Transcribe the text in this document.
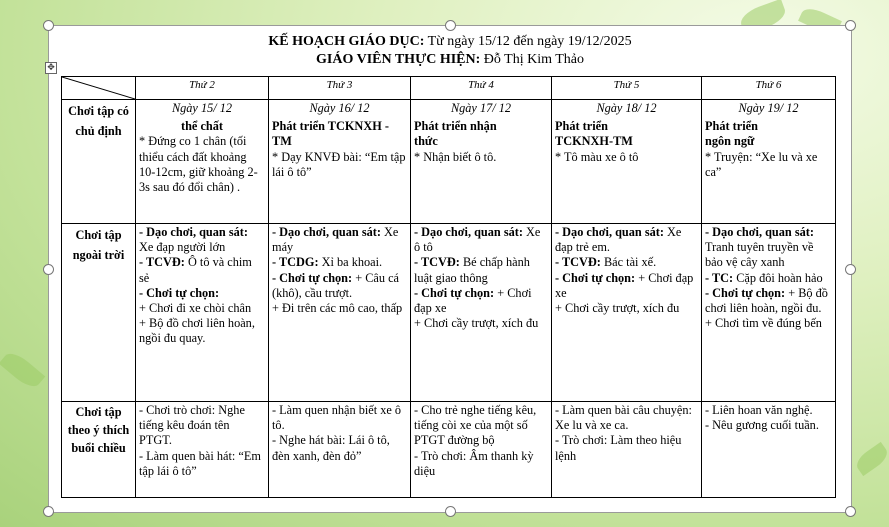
KẾ HOẠCH GIÁO DỤC: Từ ngày 15/12 đến ngày 19/12/2025
GIÁO VIÊN THỰC HIỆN: Đỗ Thị Kim Thảo
✥
	Thứ 2	Thứ 3	Thứ 4	Thứ 5	Thứ 6
Chơi tập có chủ định	Ngày 15/ 12
thể chất
* Đứng co 1 chân (tối thiểu cách đất khoảng 10-12cm, giữ khoảng 2-3s sau đó đổi chân) .	Ngày 16/ 12
Phát triển TCKNXH - TM
* Dạy KNVĐ bài: “Em tập lái ô tô”	Ngày 17/ 12
Phát triển nhận thức
* Nhận biết ô tô.	Ngày 18/ 12
Phát triển TCKNXH-TM
* Tô màu xe ô tô	Ngày 19/ 12
Phát triển ngôn ngữ
* Truyện: “Xe lu và xe ca”

Chơi tập ngoài trời	- Dạo chơi, quan sát: Xe đạp người lớn
- TCVĐ: Ô tô và chim sẻ
- Chơi tự chọn:
+ Chơi đi xe chòi chân
+ Bộ đồ chơi liên hoàn, ngồi đu quay.	- Dạo chơi, quan sát: Xe máy
- TCDG: Xỉ ba khoai.
- Chơi tự chọn: + Câu cá (khô), cầu trượt.
+ Đi trên các mô cao, thấp	- Dạo chơi, quan sát: Xe ô tô
- TCVĐ: Bé chấp hành luật giao thông
- Chơi tự chọn: + Chơi đạp xe
+ Chơi cầy trượt, xích đu	- Dạo chơi, quan sát: Xe đạp trẻ em.
- TCVĐ: Bác tài xế.
- Chơi tự chọn: + Chơi đạp xe
+ Chơi cầy trượt, xích đu	- Dạo chơi, quan sát: Tranh tuyên truyền về bảo vệ cây xanh
- TC: Cặp đôi hoàn hảo
- Chơi tự chọn: + Bộ đồ chơi liên hoàn, ngồi đu.
+ Chơi tìm về đúng bến

Chơi tập theo ý thích buổi chiều	- Chơi trò chơi: Nghe tiếng kêu đoán tên PTGT.
- Làm quen bài hát: “Em tập lái ô tô”	- Làm quen nhận biết xe ô tô.
- Nghe hát bài: Lái ô tô, đèn xanh, đèn đỏ”	- Cho trẻ nghe tiếng kêu, tiếng còi xe của một số PTGT đường bộ
- Trò chơi: Âm thanh kỳ diệu	- Làm quen bài câu chuyện: Xe lu và xe ca.
- Trò chơi: Làm theo hiệu lệnh	- Liên hoan văn nghệ.
- Nêu gương cuối tuần.
